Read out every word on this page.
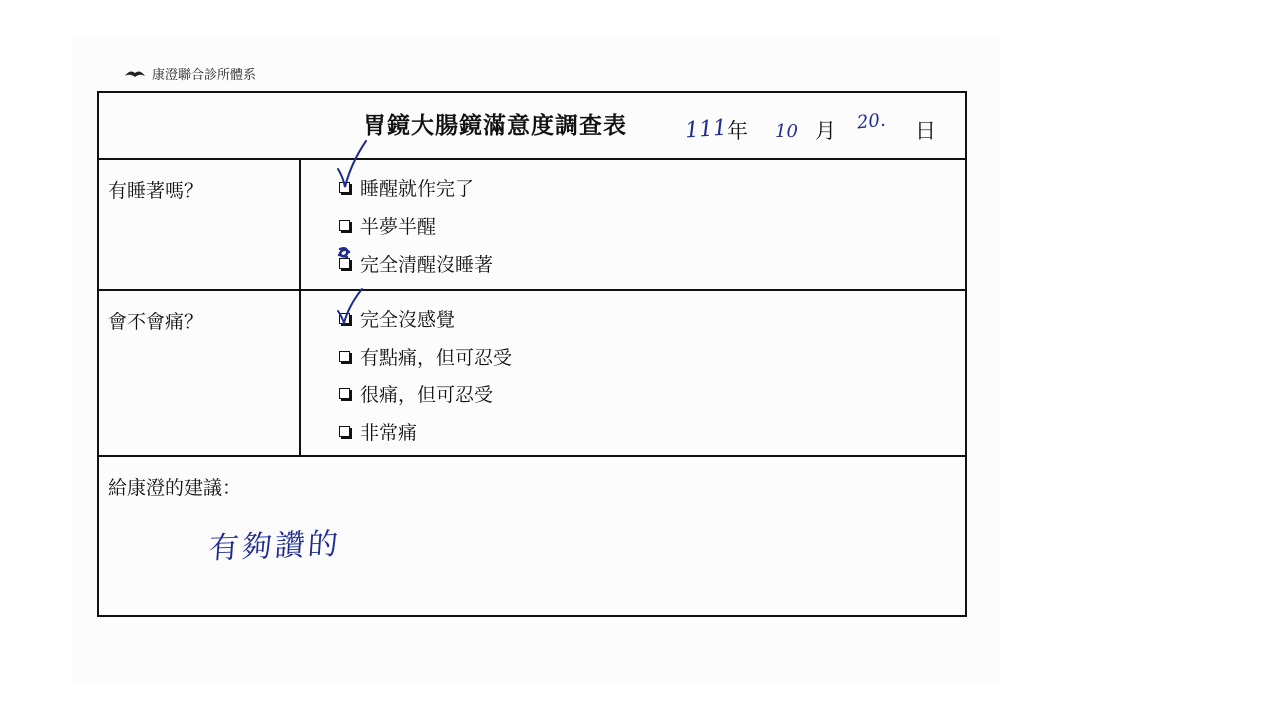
康澄聯合診所體系
胃鏡大腸鏡滿意度調查表	111 年 10 月 20. 日
有睡著嗎？	睡醒就作完了
半夢半醒
完全清醒沒睡著
會不會痛？	完全沒感覺
有點痛，但可忍受
很痛，但可忍受
非常痛
給康澄的建議：
有夠讚的
